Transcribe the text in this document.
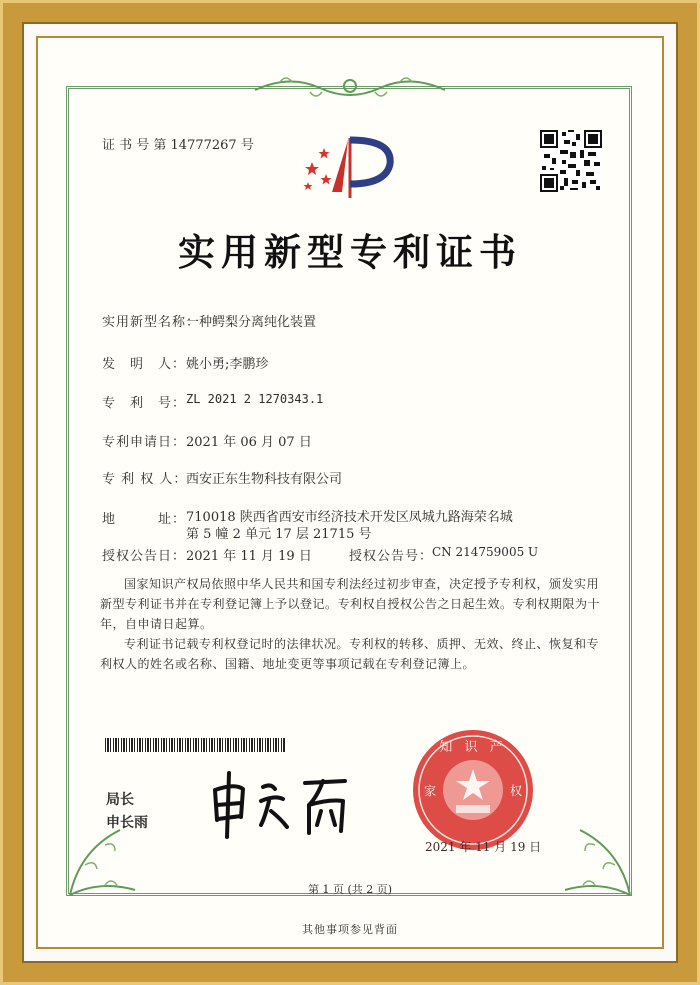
证 书 号 第 14777267 号
实用新型专利证书
实用新型名称：
一种鳄梨分离纯化装置
发　明　人： 姚小勇;李鹏珍
专　利　号： ZL 2021 2 1270343.1
专利申请日： 2021 年 06 月 07 日
专 利 权 人：
西安正东生物科技有限公司
地　　　址： 710018 陕西省西安市经济技术开发区凤城九路海荣名城
第 5 幢 2 单元 17 层 21715 号
授权公告日： 2021 年 11 月 19 日	授权公告号：
CN 214759005 U
国家知识产权局依照中华人民共和国专利法经过初步审查，决定授予专利权，颁发实用新型专利证书并在专利登记簿上予以登记。专利权自授权公告之日起生效。专利权期限为十年，自申请日起算。
专利证书记载专利权登记时的法律状况。专利权的转移、质押、无效、终止、恢复和专利权人的姓名或名称、国籍、地址变更等事项记载在专利登记簿上。
局长
申长雨
知 识 产
家	权
2021 年 11 月 19 日
第 1 页 (共 2 页)
其他事项参见背面
